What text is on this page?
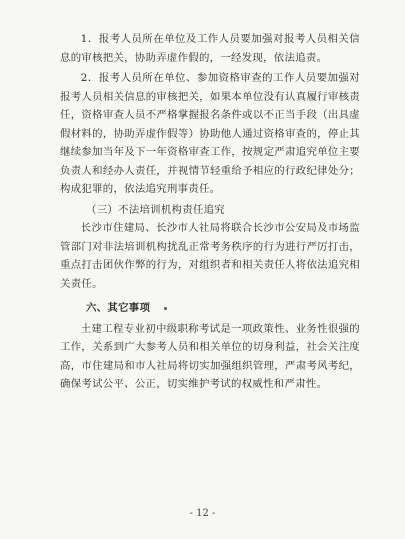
1．报考人员所在单位及工作人员要加强对报考人员相关信息的审核把关，协助弄虚作假的，一经发现，依法追责。

2．报考人员所在单位、参加资格审查的工作人员要加强对报考人员相关信息的审核把关，如果本单位没有认真履行审核责任，资格审查人员不严格掌握报名条件或以不正当手段（出具虚假材料的，协助弄虚作假等）协助他人通过资格审查的，停止其继续参加当年及下一年资格审查工作，按规定严肃追究单位主要负责人和经办人责任，并视情节轻重给予相应的行政纪律处分；构成犯罪的，依法追究刑事责任。

（三）不法培训机构责任追究

长沙市住建局、长沙市人社局将联合长沙市公安局及市场监管部门对非法培训机构扰乱正常考务秩序的行为进行严厉打击，重点打击团伙作弊的行为，对组织者和相关责任人将依法追究相关责任。

六、其它事项

土建工程专业初中级职称考试是一项政策性、业务性很强的工作，关系到广大参考人员和相关单位的切身利益，社会关注度高，市住建局和市人社局将切实加强组织管理，严肃考风考纪，确保考试公平、公正，切实维护考试的权威性和严肃性。

- 12 -
